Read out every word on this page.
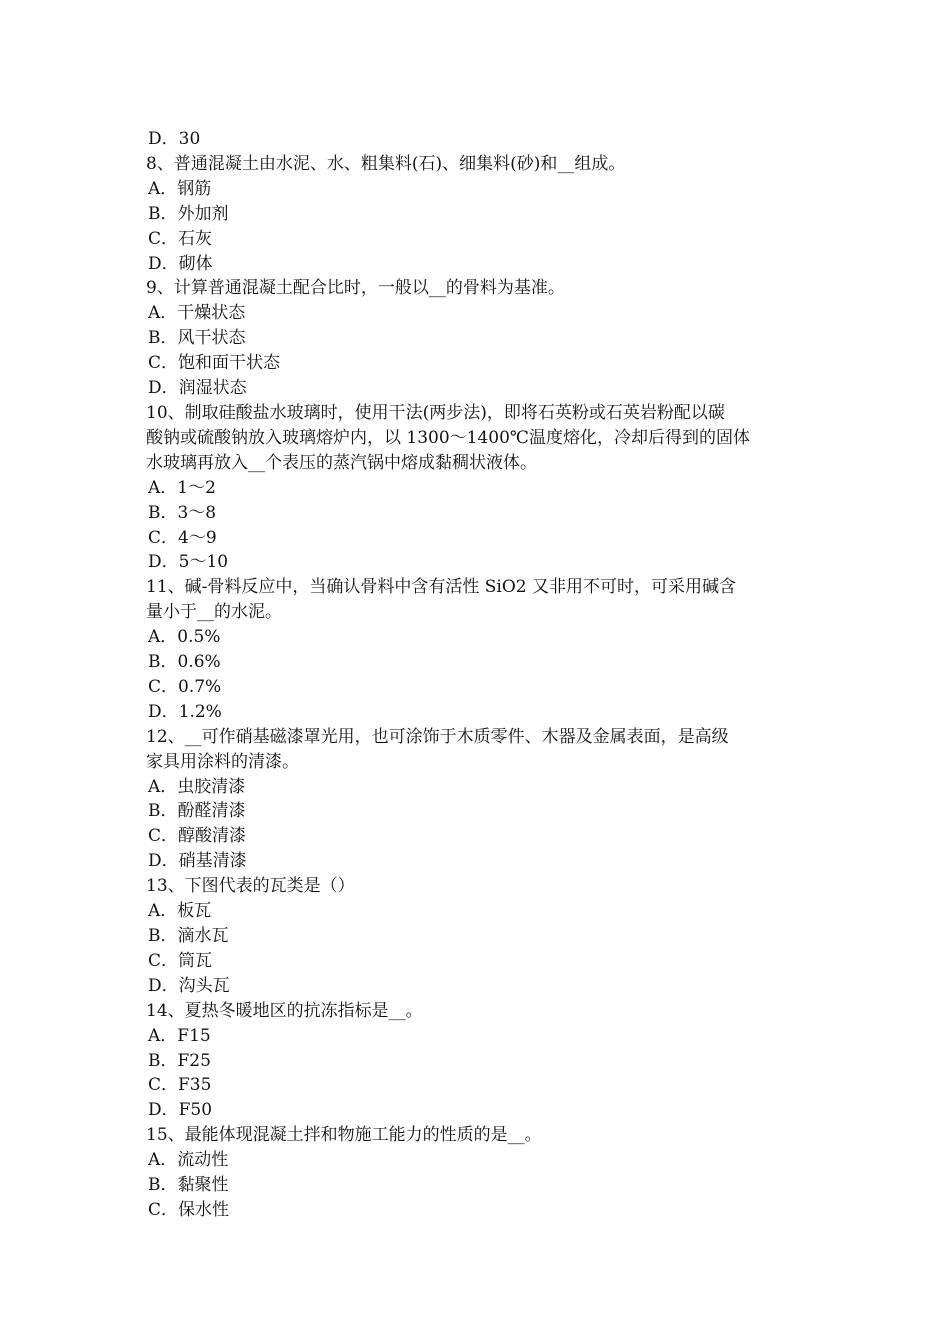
D．30
8、普通混凝土由水泥、水、粗集料(石)、细集料(砂)和__组成。
A．钢筋
B．外加剂
C．石灰
D．砌体
9、计算普通混凝土配合比时，一般以__的骨料为基准。
A．干燥状态
B．风干状态
C．饱和面干状态
D．润湿状态
10、制取硅酸盐水玻璃时，使用干法(两步法)，即将石英粉或石英岩粉配以碳
酸钠或硫酸钠放入玻璃熔炉内，以 1300～1400℃温度熔化，冷却后得到的固体
水玻璃再放入__个表压的蒸汽锅中熔成黏稠状液体。
A．1～2
B．3～8
C．4～9
D．5～10
11、碱-骨料反应中，当确认骨料中含有活性 SiO2 又非用不可时，可采用碱含
量小于__的水泥。
A．0.5%
B．0.6%
C．0.7%
D．1.2%
12、__可作硝基磁漆罩光用，也可涂饰于木质零件、木器及金属表面，是高级
家具用涂料的清漆。
A．虫胶清漆
B．酚醛清漆
C．醇酸清漆
D．硝基清漆
13、下图代表的瓦类是（）
A．板瓦
B．滴水瓦
C．筒瓦
D．沟头瓦
14、夏热冬暖地区的抗冻指标是__。
A．F15
B．F25
C．F35
D．F50
15、最能体现混凝土拌和物施工能力的性质的是__。
A．流动性
B．黏聚性
C．保水性
